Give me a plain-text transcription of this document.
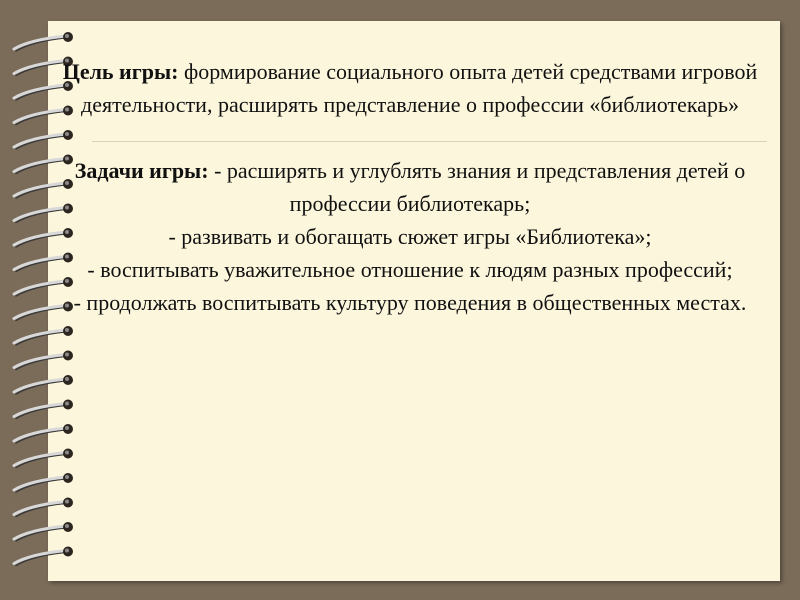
Цель игры: формирование социального опыта детей средствами игровой деятельности, расширять представление о профессии «библиотекарь»

Задачи игры: - расширять и углублять знания и представления детей о профессии библиотекарь;

- развивать и обогащать сюжет игры «Библиотека»;

- воспитывать уважительное отношение к людям разных профессий;

- продолжать воспитывать культуру поведения в общественных местах.
